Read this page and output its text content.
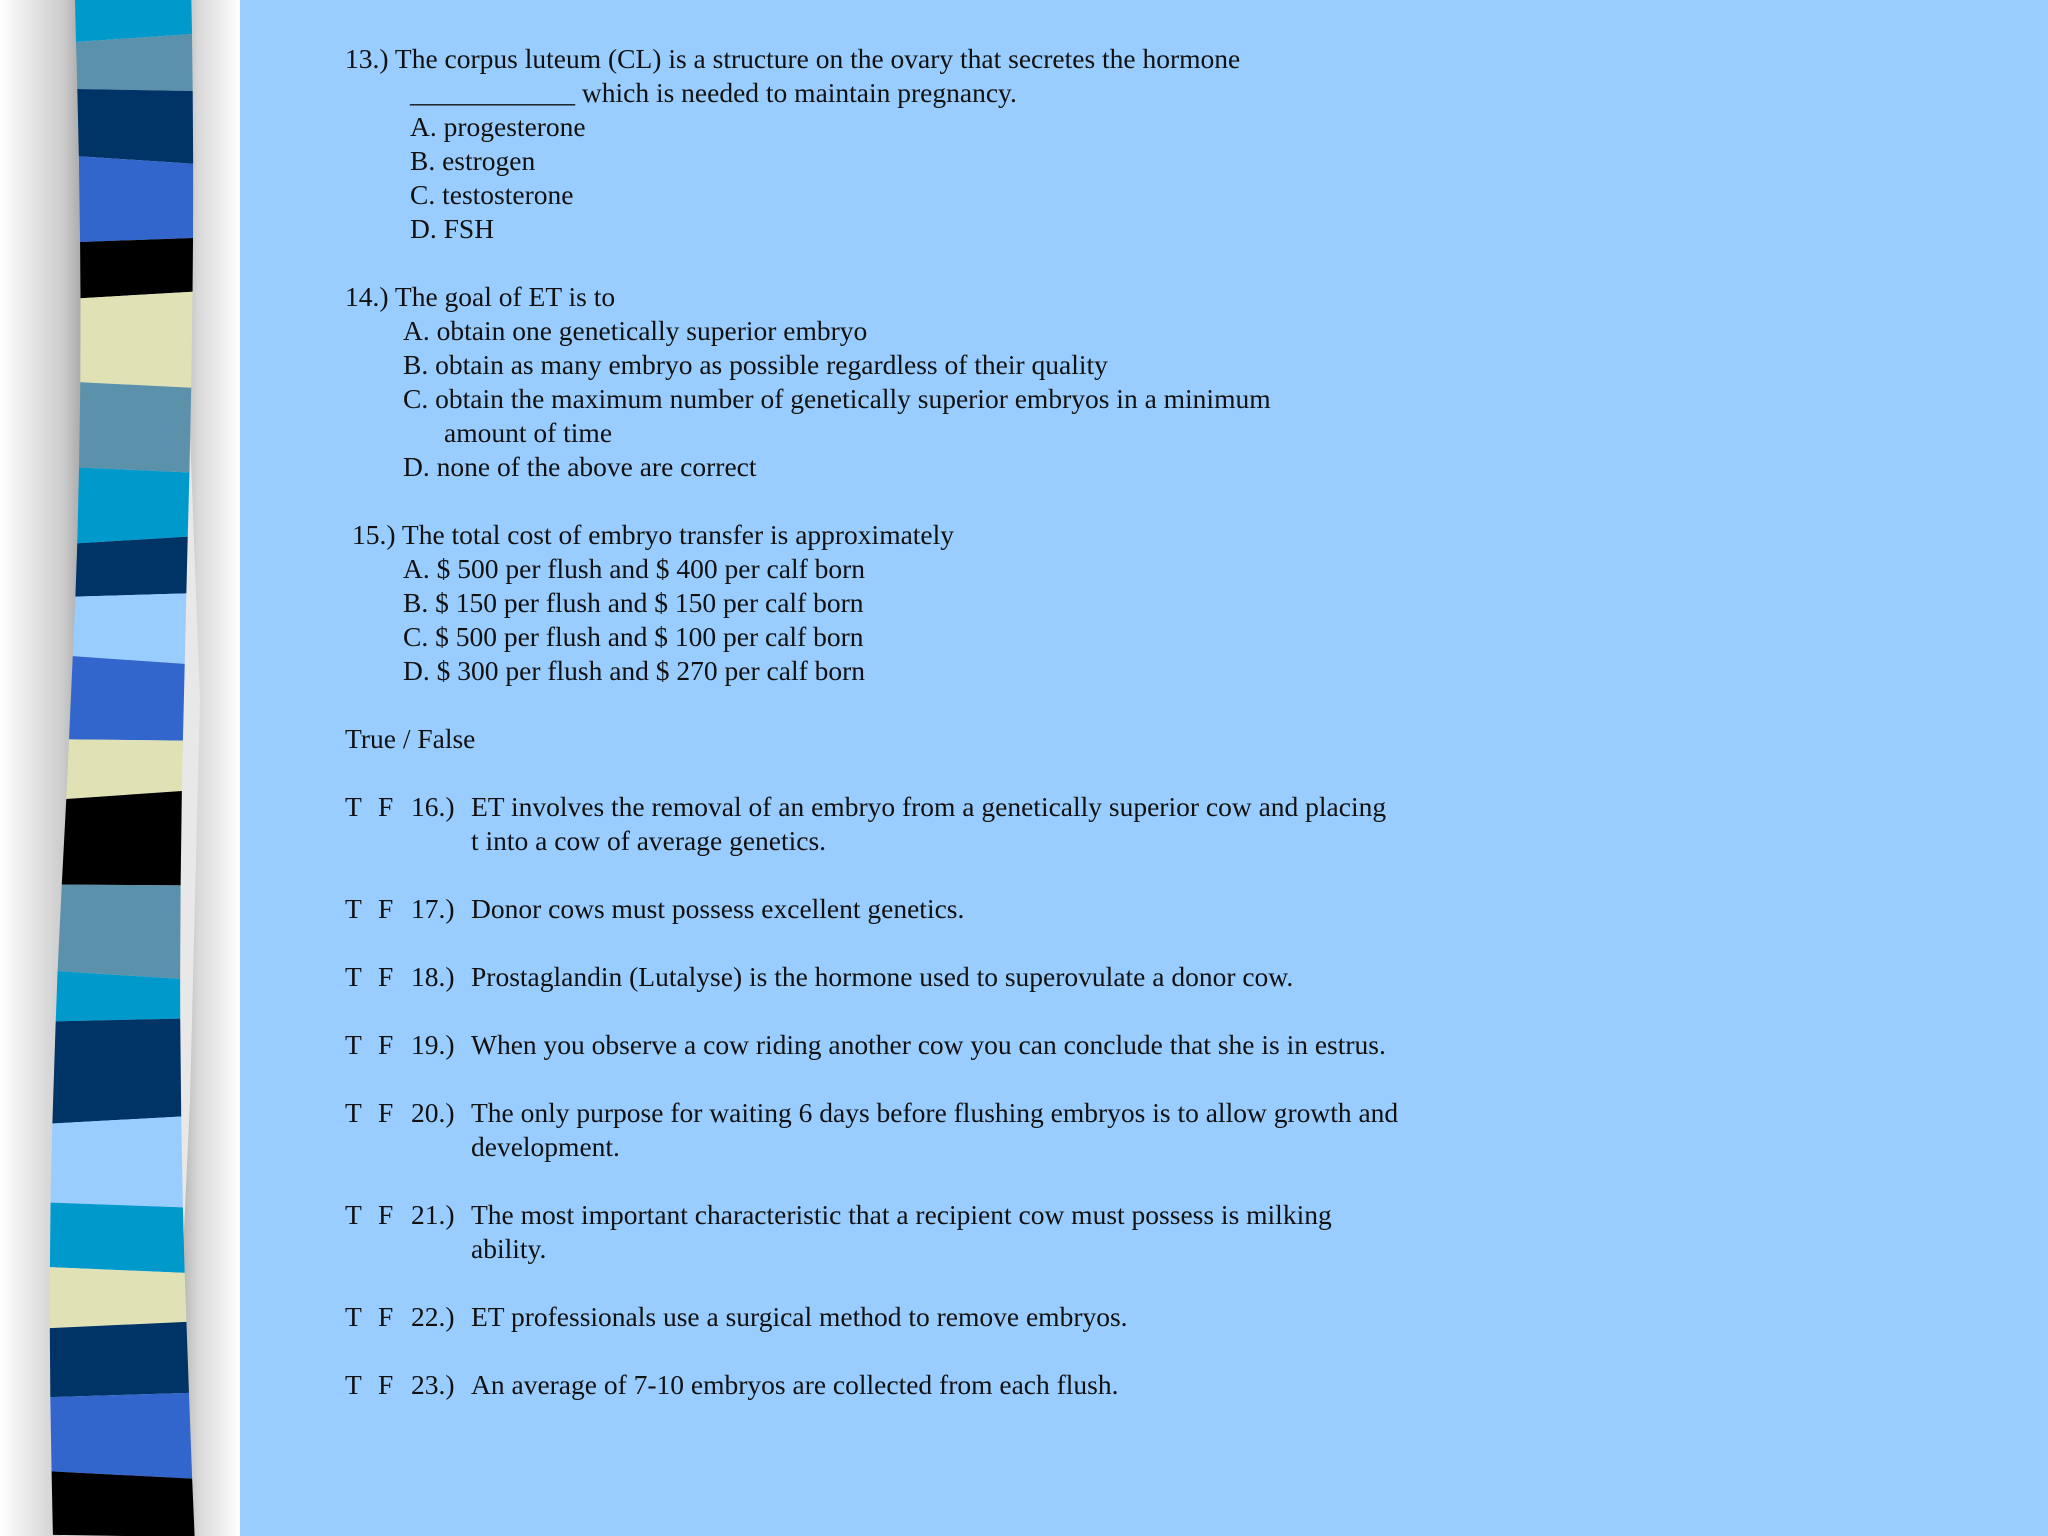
13.) The corpus luteum (CL) is a structure on the ovary that secretes the hormone
____________ which is needed to maintain pregnancy.
A. progesterone
B. estrogen
C. testosterone
D. FSH
14.) The goal of ET is to
A. obtain one genetically superior embryo
B. obtain as many embryo as possible regardless of their quality
C. obtain the maximum number of genetically superior embryos in a minimum
amount of time
D. none of the above are correct
15.) The total cost of embryo transfer is approximately
A. $ 500 per flush and $ 400 per calf born
B. $ 150 per flush and $ 150 per calf born
C. $ 500 per flush and $ 100 per calf born
D. $ 300 per flush and $ 270 per calf born
True / False
T F 16.) ET involves the removal of an embryo from a genetically superior cow and placing
t into a cow of average genetics.
T F 17.) Donor cows must possess excellent genetics.
T F 18.) Prostaglandin (Lutalyse) is the hormone used to superovulate a donor cow.
T F 19.) When you observe a cow riding another cow you can conclude that she is in estrus.
T F 20.) The only purpose for waiting 6 days before flushing embryos is to allow growth and
development.
T F 21.) The most important characteristic that a recipient cow must possess is milking
ability.
T F 22.) ET professionals use a surgical method to remove embryos.
T F 23.) An average of 7-10 embryos are collected from each flush.
